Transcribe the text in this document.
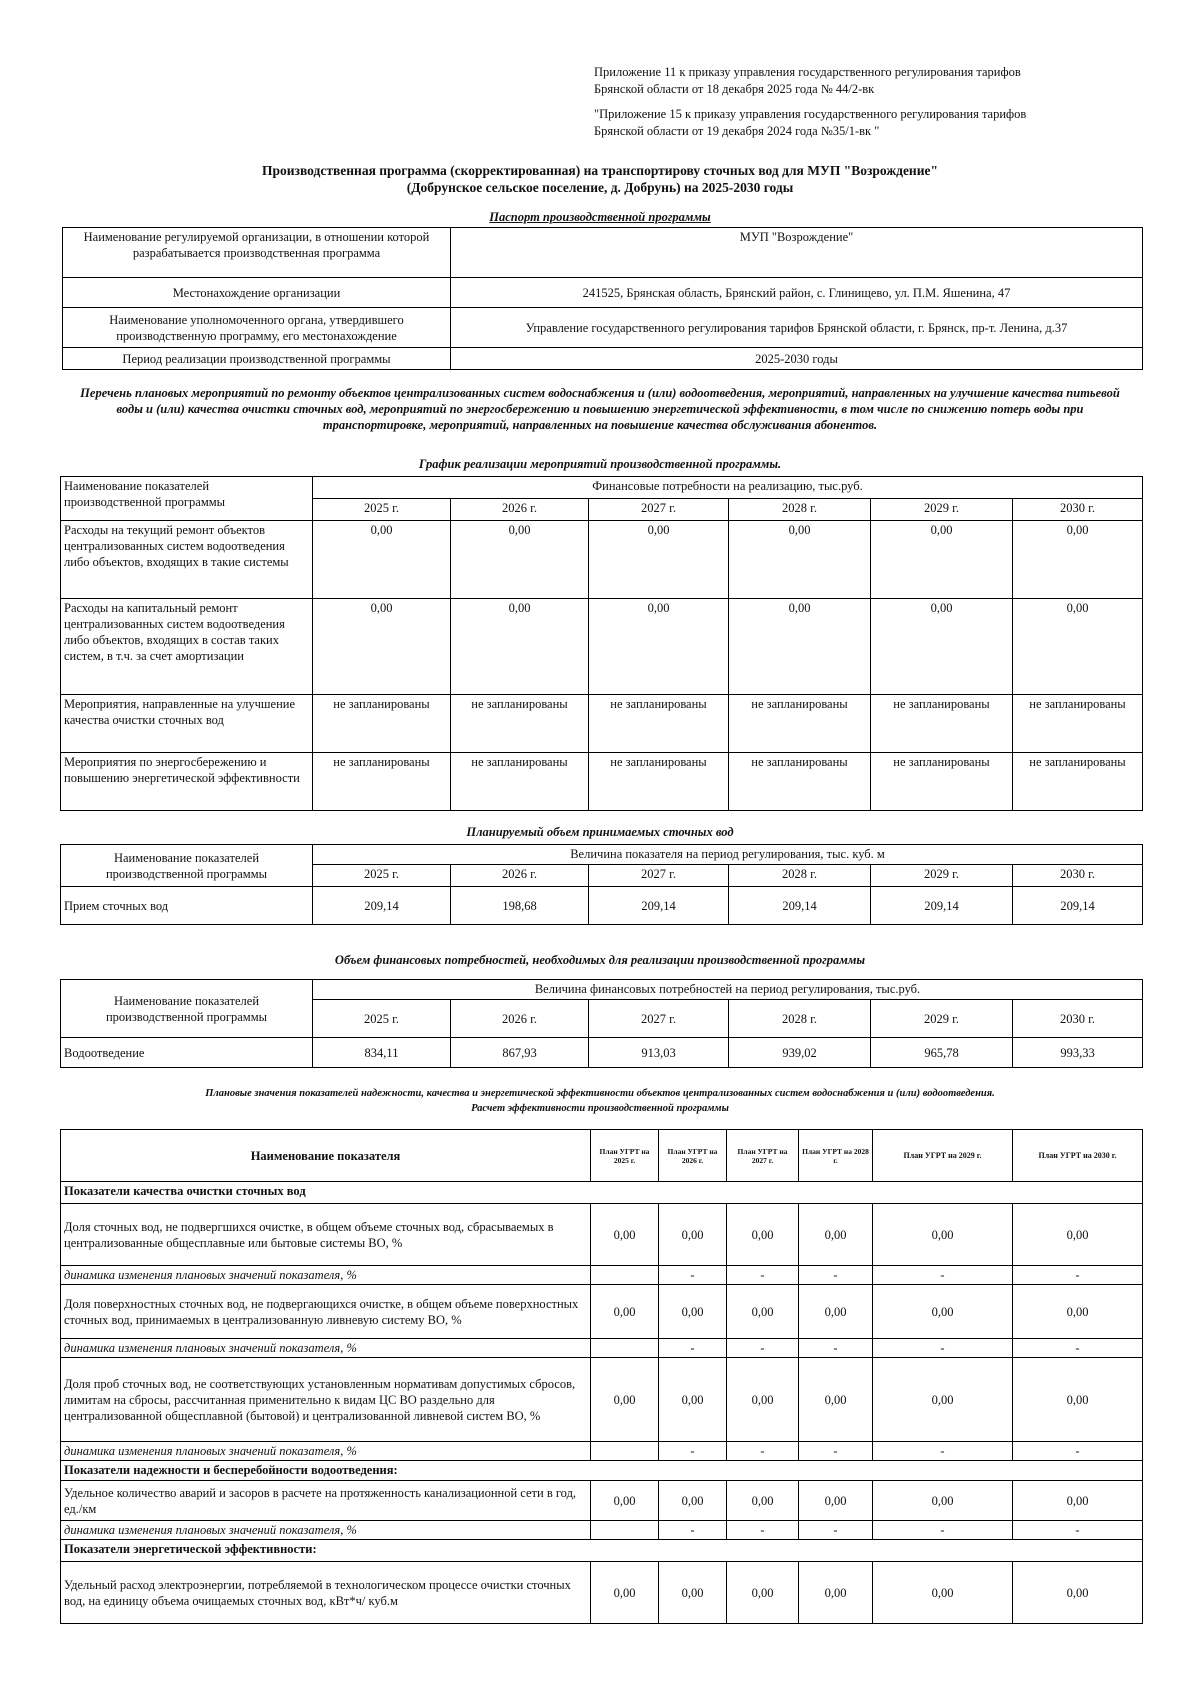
Приложение 11 к приказу управления государственного регулирования тарифов
Брянской области от 18 декабря 2025 года № 44/2-вк
"Приложение 15 к приказу управления государственного регулирования тарифов
Брянской области от 19 декабря 2024 года №35/1-вк "
Производственная программа (скорректированная) на транспортирову сточных вод для МУП "Возрождение"
(Добрунское сельское поселение, д. Добрунь) на 2025-2030 годы
Паспорт производственной программы
Наименование регулируемой организации, в отношении которой разрабатывается производственная программа	МУП "Возрождение"
Местонахождение организации	241525, Брянская область, Брянский район, с. Глинищево, ул. П.М. Яшенина, 47
Наименование уполномоченного органа, утвердившего производственную программу, его местонахождение	Управление государственного регулирования тарифов Брянской области, г. Брянск, пр-т. Ленина, д.37
Период реализации производственной программы	2025-2030 годы
Перечень плановых мероприятий по ремонту объектов централизованных систем водоснабжения и (или) водоотведения, мероприятий, направленных на улучшение качества питьевой воды и (или) качества очистки сточных вод, мероприятий по энергосбережению и повышению энергетической эффективности, в том числе по снижению потерь воды при транспортировке, мероприятий, направленных на повышение качества обслуживания абонентов.
График реализации мероприятий производственной программы.
Наименование показателей производственной программы	Финансовые потребности на реализацию, тыс.руб.					
	2025 г.	2026 г.	2027 г.	2028 г.	2029 г.	2030 г.
Расходы на текущий ремонт объектов централизованных систем водоотведения либо объектов, входящих в такие системы	0,00	0,00	0,00	0,00	0,00	0,00
Расходы на капитальный ремонт централизованных систем водоотведения либо объектов, входящих в состав таких систем, в т.ч. за счет амортизации	0,00	0,00	0,00	0,00	0,00	0,00
Мероприятия, направленные на улучшение качества очистки сточных вод	не запланированы	не запланированы	не запланированы	не запланированы	не запланированы	не запланированы
Мероприятия по энергосбережению и повышению энергетической эффективности	не запланированы	не запланированы	не запланированы	не запланированы	не запланированы	не запланированы
Планируемый объем принимаемых сточных вод
Наименование показателей производственной программы	Величина показателя на период регулирования, тыс. куб. м					
	2025 г.	2026 г.	2027 г.	2028 г.	2029 г.	2030 г.
Прием сточных вод	209,14	198,68	209,14	209,14	209,14	209,14
Объем финансовых потребностей, необходимых для реализации производственной программы
Наименование показателей производственной программы	Величина финансовых потребностей на период регулирования, тыс.руб.					
	2025 г.	2026 г.	2027 г.	2028 г.	2029 г.	2030 г.
Водоотведение	834,11	867,93	913,03	939,02	965,78	993,33
Плановые значения показателей надежности, качества и энергетической эффективности объектов централизованных систем водоснабжения и (или) водоотведения.
Расчет эффективности производственной программы
Наименование показателя	План УГРТ на 2025 г.	План УГРТ на 2026 г.	План УГРТ на 2027 г.	План УГРТ на 2028 г.	План УГРТ на 2029 г.	План УГРТ на 2030 г.
Показатели качества очистки сточных вод						
Доля сточных вод, не подвергшихся очистке, в общем объеме сточных вод, сбрасываемых в централизованные общесплавные или бытовые системы ВО, %	0,00	0,00	0,00	0,00	0,00	0,00
динамика изменения плановых значений показателя, %		-	-	-	-	-
Доля поверхностных сточных вод, не подвергающихся очистке, в общем объеме поверхностных сточных вод, принимаемых в централизованную ливневую систему ВО, %	0,00	0,00	0,00	0,00	0,00	0,00
динамика изменения плановых значений показателя, %		-	-	-	-	-
Доля проб сточных вод, не соответствующих установленным нормативам допустимых сбросов, лимитам на сбросы, рассчитанная применительно к видам ЦС ВО раздельно для централизованной общесплавной (бытовой) и централизованной ливневой систем ВО, %	0,00	0,00	0,00	0,00	0,00	0,00
динамика изменения плановых значений показателя, %		-	-	-	-	-
Показатели надежности и бесперебойности водоотведения:						
Удельное количество аварий и засоров в расчете на протяженность канализационной сети в год, ед./км	0,00	0,00	0,00	0,00	0,00	0,00
динамика изменения плановых значений показателя, %		-	-	-	-	-
Показатели энергетической эффективности:						
Удельный расход электроэнергии, потребляемой в технологическом процессе очистки сточных вод, на единицу объема очищаемых сточных вод, кВт*ч/ куб.м	0,00	0,00	0,00	0,00	0,00	0,00
